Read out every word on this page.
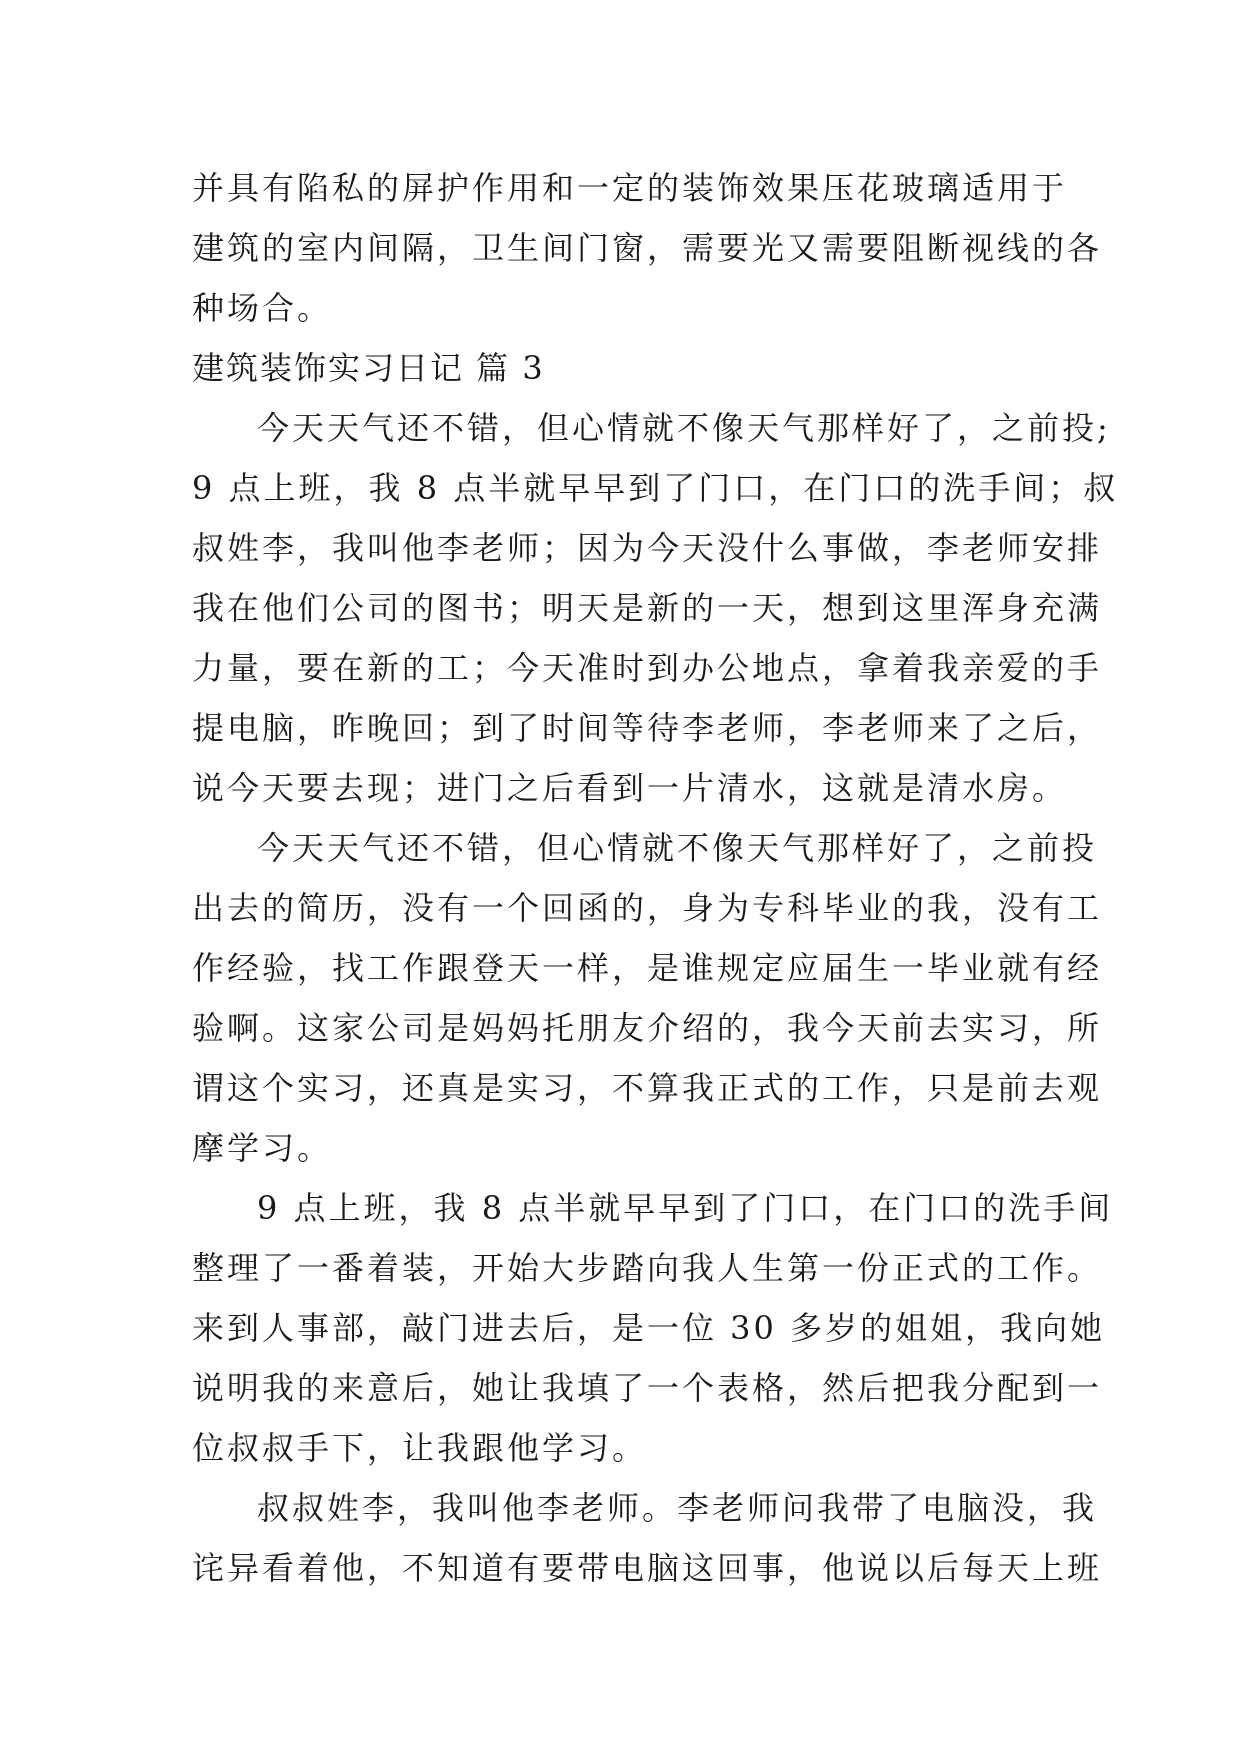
并具有陷私的屏护作用和一定的装饰效果压花玻璃适用于
建筑的室内间隔，卫生间门窗，需要光又需要阻断视线的各
种场合。
建筑装饰实习日记 篇 3
今天天气还不错，但心情就不像天气那样好了，之前投;
9 点上班，我 8 点半就早早到了门口，在门口的洗手间；叔
叔姓李，我叫他李老师；因为今天没什么事做，李老师安排
我在他们公司的图书；明天是新的一天，想到这里浑身充满
力量，要在新的工；今天准时到办公地点，拿着我亲爱的手
提电脑，昨晚回；到了时间等待李老师，李老师来了之后，
说今天要去现；进门之后看到一片清水，这就是清水房。
今天天气还不错，但心情就不像天气那样好了，之前投
出去的简历，没有一个回函的，身为专科毕业的我，没有工
作经验，找工作跟登天一样，是谁规定应届生一毕业就有经
验啊。这家公司是妈妈托朋友介绍的，我今天前去实习，所
谓这个实习，还真是实习，不算我正式的工作，只是前去观
摩学习。
9 点上班，我 8 点半就早早到了门口，在门口的洗手间
整理了一番着装，开始大步踏向我人生第一份正式的工作。
来到人事部，敲门进去后，是一位 30 多岁的姐姐，我向她
说明我的来意后，她让我填了一个表格，然后把我分配到一
位叔叔手下，让我跟他学习。
叔叔姓李，我叫他李老师。李老师问我带了电脑没，我
诧异看着他，不知道有要带电脑这回事，他说以后每天上班
